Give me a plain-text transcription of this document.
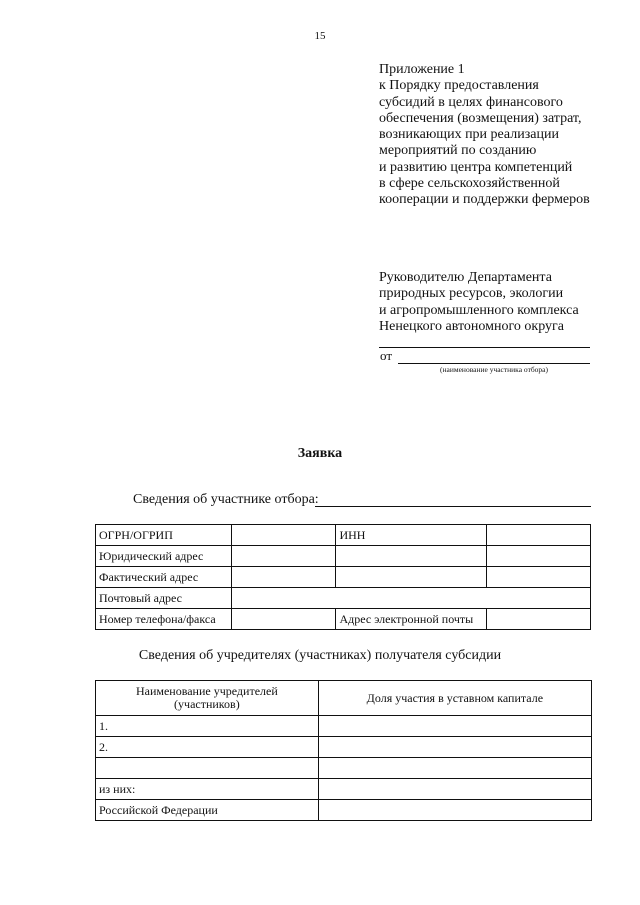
15
Приложение 1
к Порядку предоставления
субсидий в целях финансового
обеспечения (возмещения) затрат,
возникающих при реализации
мероприятий по созданию
и развитию центра компетенций
в сфере сельскохозяйственной
кооперации и поддержки фермеров
Руководителю Департамента
природных ресурсов, экологии
и агропромышленного комплекса
Ненецкого автономного округа
от
(наименование участника отбора)
Заявка
Сведения об участнике отбора:
ОГРН/ОГРИП		ИНН	
Юридический адрес			
Фактический адрес			
Почтовый адрес			
Номер телефона/факса		Адрес электронной почты	
Сведения об учредителях (участниках) получателя субсидии
Наименование учредителей (участников)	Доля участия в уставном капитале
1.	
2.	

из них:	
Российской Федерации	
